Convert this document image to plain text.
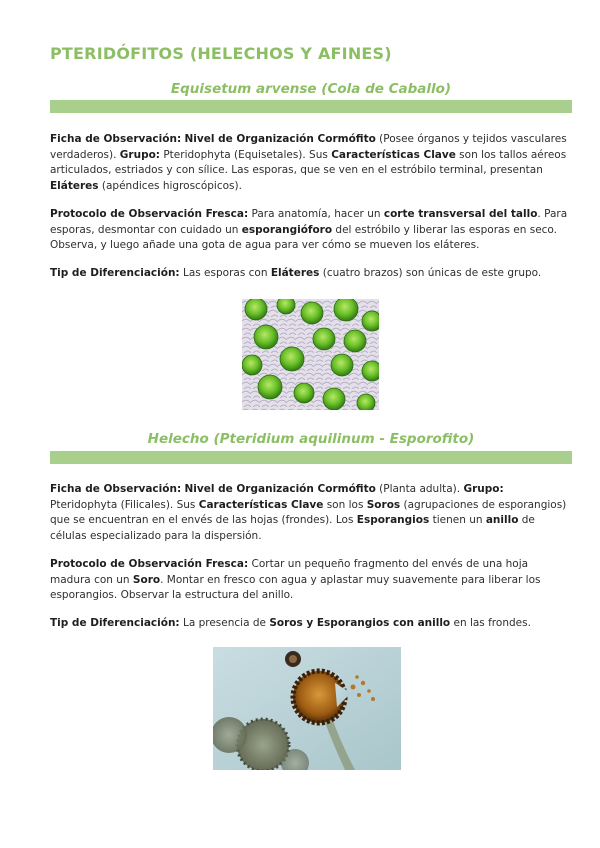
PTERIDÓFITOS (HELECHOS Y AFINES)
Equisetum arvense (Cola de Caballo)

Ficha de Observación: Nivel de Organización Cormófito (Posee órganos y tejidos vasculares verdaderos). Grupo: Pteridophyta (Equisetales). Sus Características Clave son los tallos aéreos articulados, estriados y con sílice. Las esporas, que se ven en el estróbilo terminal, presentan Eláteres (apéndices higroscópicos).

Protocolo de Observación Fresca: Para anatomía, hacer un corte transversal del tallo. Para esporas, desmontar con cuidado un esporangióforo del estróbilo y liberar las esporas en seco. Observa, y luego añade una gota de agua para ver cómo se mueven los eláteres.

Tip de Diferenciación: Las esporas con Eláteres (cuatro brazos) son únicas de este grupo.

Helecho (Pteridium aquilinum - Esporofito)

Ficha de Observación: Nivel de Organización Cormófito (Planta adulta). Grupo: Pteridophyta (Filicales). Sus Características Clave son los Soros (agrupaciones de esporangios) que se encuentran en el envés de las hojas (frondes). Los Esporangios tienen un anillo de células especializado para la dispersión.

Protocolo de Observación Fresca: Cortar un pequeño fragmento del envés de una hoja madura con un Soro. Montar en fresco con agua y aplastar muy suavemente para liberar los esporangios. Observar la estructura del anillo.

Tip de Diferenciación: La presencia de Soros y Esporangios con anillo en las frondes.
